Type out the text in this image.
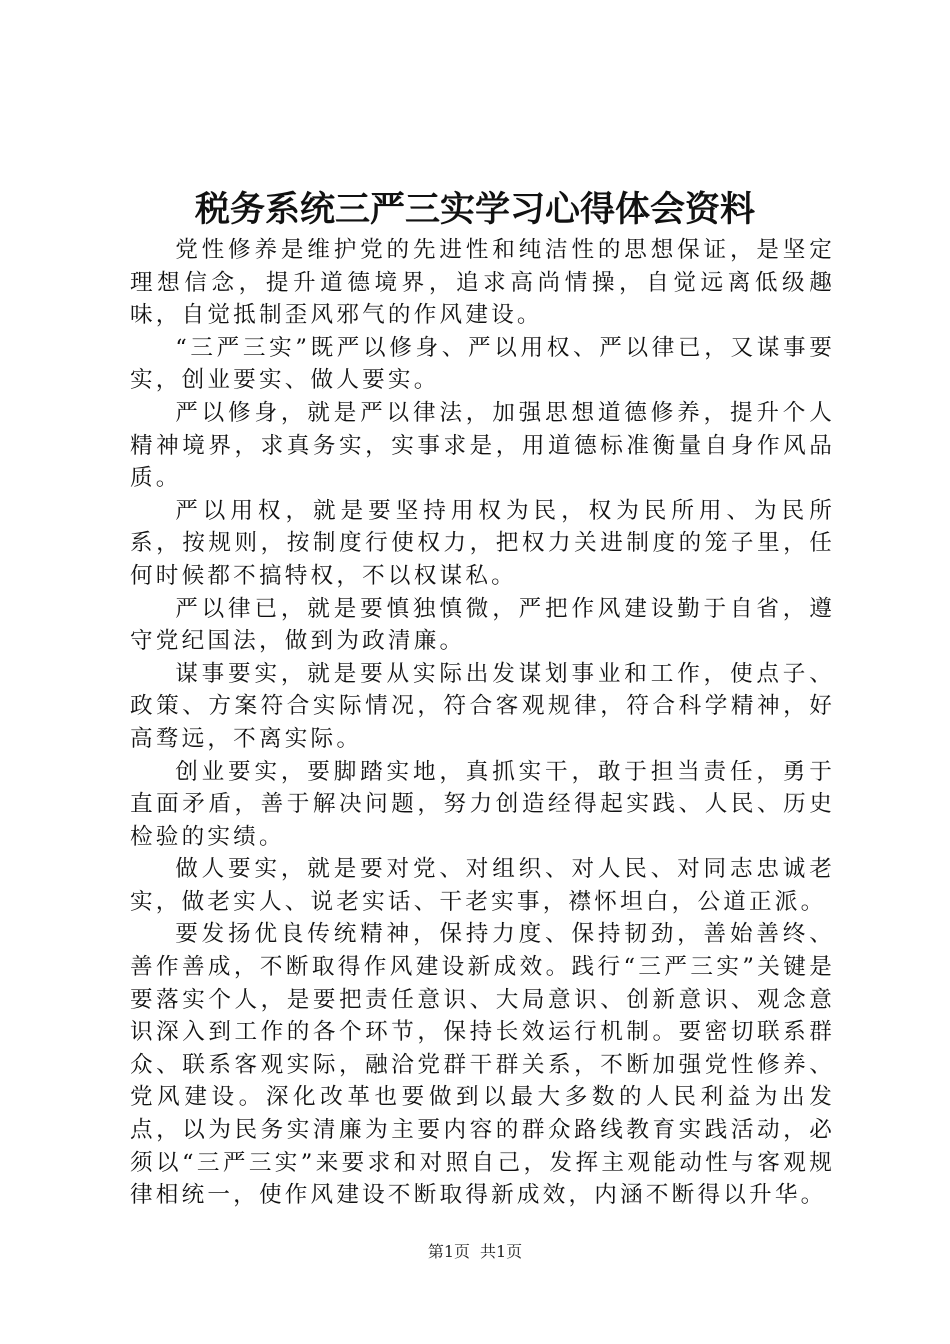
税务系统三严三实学习心得体会资料

党性修养是维护党的先进性和纯洁性的思想保证，是坚定理想信念，提升道德境界，追求高尚情操，自觉远离低级趣味，自觉抵制歪风邪气的作风建设。

“三严三实”既严以修身、严以用权、严以律已，又谋事要实，创业要实、做人要实。

严以修身，就是严以律法，加强思想道德修养，提升个人精神境界，求真务实，实事求是，用道德标准衡量自身作风品质。

严以用权，就是要坚持用权为民，权为民所用、为民所系，按规则，按制度行使权力，把权力关进制度的笼子里，任何时候都不搞特权，不以权谋私。

严以律已，就是要慎独慎微，严把作风建设勤于自省，遵守党纪国法，做到为政清廉。

谋事要实，就是要从实际出发谋划事业和工作，使点子、政策、方案符合实际情况，符合客观规律，符合科学精神，好高骛远，不离实际。

创业要实，要脚踏实地，真抓实干，敢于担当责任，勇于直面矛盾，善于解决问题，努力创造经得起实践、人民、历史检验的实绩。

做人要实，就是要对党、对组织、对人民、对同志忠诚老实，做老实人、说老实话、干老实事，襟怀坦白，公道正派。

要发扬优良传统精神，保持力度、保持韧劲，善始善终、善作善成，不断取得作风建设新成效。践行“三严三实”关键是要落实个人，是要把责任意识、大局意识、创新意识、观念意识深入到工作的各个环节，保持长效运行机制。要密切联系群众、联系客观实际，融洽党群干群关系，不断加强党性修养、党风建设。深化改革也要做到以最大多数的人民利益为出发点，以为民务实清廉为主要内容的群众路线教育实践活动，必须以“三严三实”来要求和对照自己，发挥主观能动性与客观规律相统一，使作风建设不断取得新成效，内涵不断得以升华。

第1页 共1页
